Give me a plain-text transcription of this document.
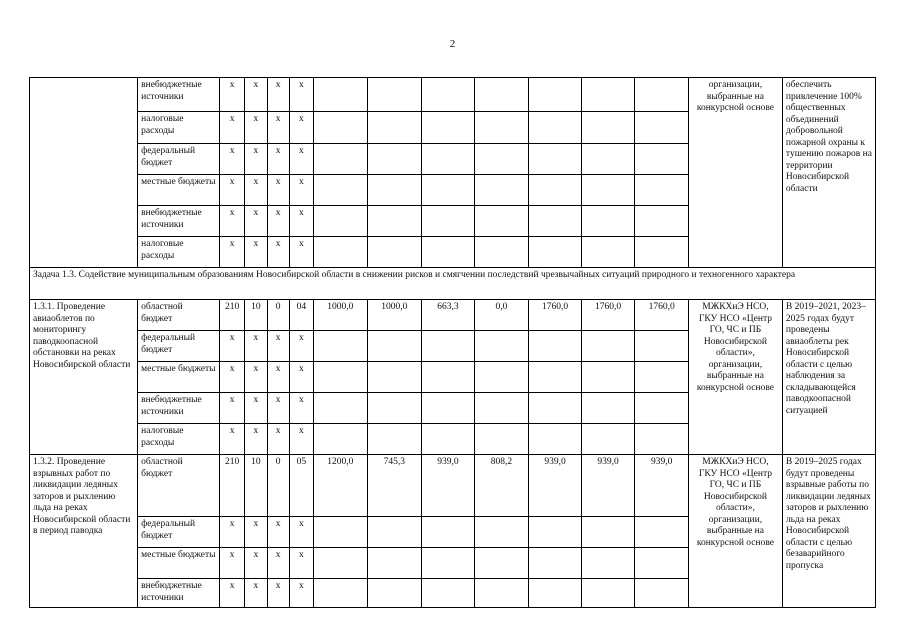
2
	внебюджетные источники	x	x	x	x								организации, выбранные на конкурсной основе	обеспечить привлечение 100% общественных объединений добровольной пожарной охраны к тушению пожаров на территории Новосибирской области
	налоговые расходы	x	x	x	x									
	федеральный бюджет	x	x	x	x									
	местные бюджеты	x	x	x	x									
	внебюджетные источники	x	x	x	x									
	налоговые расходы	x	x	x	x									
Задача 1.3. Содействие муниципальным образованиям Новосибирской области в снижении рисков и смягчении последствий чрезвычайных ситуаций природного и техногенного характера														
1.3.1. Проведение авиаоблетов по мониторингу паводкоопасной обстановки на реках Новосибирской области	областной бюджет	210	10	0	04	1000,0	1000,0	663,3	0,0	1760,0	1760,0	1760,0	МЖКХиЭ НСО, ГКУ НСО «Центр ГО, ЧС и ПБ Новосибирской области», организации, выбранные на конкурсной основе	В 2019–2021, 2023–2025 годах будут проведены авиаоблеты рек Новосибирской области с целью наблюдения за складывающейся паводкоопасной ситуацией
	федеральный бюджет	x	x	x	x									
	местные бюджеты	x	x	x	x									
	внебюджетные источники	x	x	x	x									
	налоговые расходы	x	x	x	x									
1.3.2. Проведение взрывных работ по ликвидации ледяных заторов и рыхлению льда на реках Новосибирской области в период паводка	областной бюджет	210	10	0	05	1200,0	745,3	939,0	808,2	939,0	939,0	939,0	МЖКХиЭ НСО, ГКУ НСО «Центр ГО, ЧС и ПБ Новосибирской области», организации, выбранные на конкурсной основе	В 2019–2025 годах будут проведены взрывные работы по ликвидации ледяных заторов и рыхлению льда на реках Новосибирской области с целью безаварийного пропуска
	федеральный бюджет	x	x	x	x									
	местные бюджеты	x	x	x	x									
	внебюджетные источники	x	x	x	x									
